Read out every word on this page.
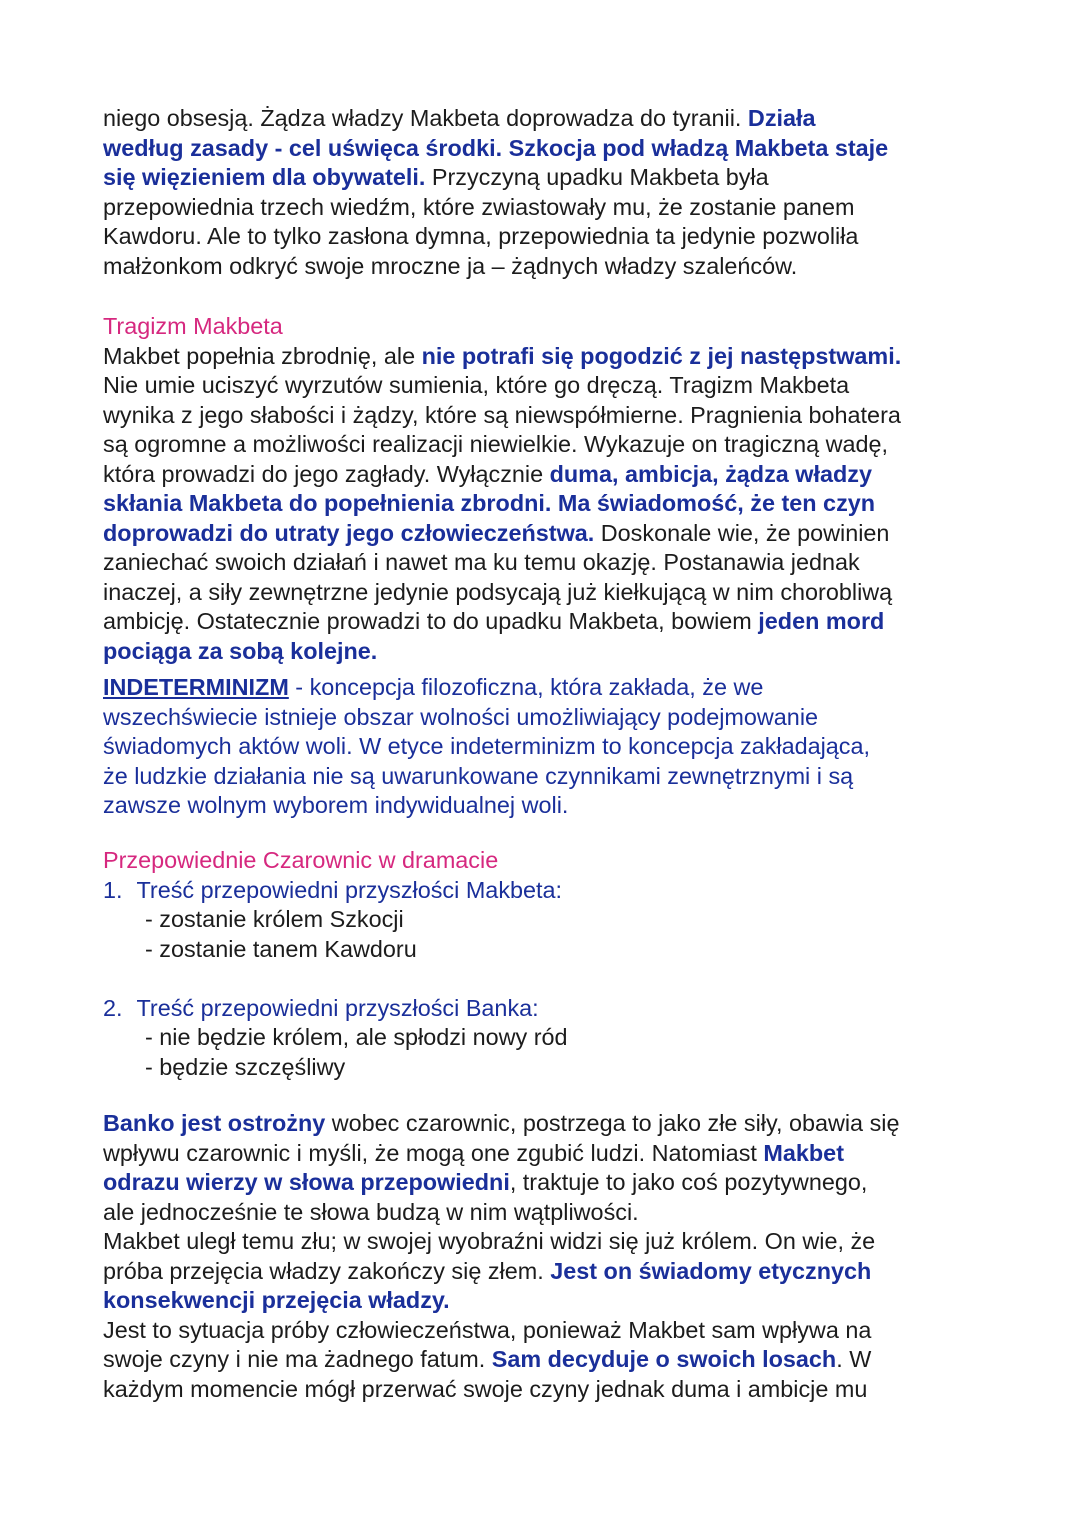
niego obsesją. Żądza władzy Makbeta doprowadza do tyranii. Działa
według zasady - cel uświęca środki. Szkocja pod władzą Makbeta staje
się więzieniem dla obywateli. Przyczyną upadku Makbeta była
przepowiednia trzech wiedźm, które zwiastowały mu, że zostanie panem
Kawdoru. Ale to tylko zasłona dymna, przepowiednia ta jedynie pozwoliła
małżonkom odkryć swoje mroczne ja – żądnych władzy szaleńców.
Tragizm Makbeta
Makbet popełnia zbrodnię, ale nie potrafi się pogodzić z jej następstwami.
Nie umie uciszyć wyrzutów sumienia, które go dręczą. Tragizm Makbeta
wynika z jego słabości i żądzy, które są niewspółmierne. Pragnienia bohatera
są ogromne a możliwości realizacji niewielkie. Wykazuje on tragiczną wadę,
która prowadzi do jego zagłady. Wyłącznie duma, ambicja, żądza władzy
skłania Makbeta do popełnienia zbrodni. Ma świadomość, że ten czyn
doprowadzi do utraty jego człowieczeństwa. Doskonale wie, że powinien
zaniechać swoich działań i nawet ma ku temu okazję. Postanawia jednak
inaczej, a siły zewnętrzne jedynie podsycają już kiełkującą w nim chorobliwą
ambicję. Ostatecznie prowadzi to do upadku Makbeta, bowiem jeden mord
pociąga za sobą kolejne.
INDETERMINIZM - koncepcja filozoficzna, która zakłada, że we
wszechświecie istnieje obszar wolności umożliwiający podejmowanie
świadomych aktów woli. W etyce indeterminizm to koncepcja zakładająca,
że ludzkie działania nie są uwarunkowane czynnikami zewnętrznymi i są
zawsze wolnym wyborem indywidualnej woli.
Przepowiednie Czarownic w dramacie
1. Treść przepowiedni przyszłości Makbeta:
- zostanie królem Szkocji
- zostanie tanem Kawdoru
2. Treść przepowiedni przyszłości Banka:
- nie będzie królem, ale spłodzi nowy ród
- będzie szczęśliwy
Banko jest ostrożny wobec czarownic, postrzega to jako złe siły, obawia się
wpływu czarownic i myśli, że mogą one zgubić ludzi. Natomiast Makbet
odrazu wierzy w słowa przepowiedni, traktuje to jako coś pozytywnego,
ale jednocześnie te słowa budzą w nim wątpliwości.
Makbet uległ temu złu; w swojej wyobraźni widzi się już królem. On wie, że
próba przejęcia władzy zakończy się złem. Jest on świadomy etycznych
konsekwencji przejęcia władzy.
Jest to sytuacja próby człowieczeństwa, ponieważ Makbet sam wpływa na
swoje czyny i nie ma żadnego fatum. Sam decyduje o swoich losach. W
każdym momencie mógł przerwać swoje czyny jednak duma i ambicje mu
